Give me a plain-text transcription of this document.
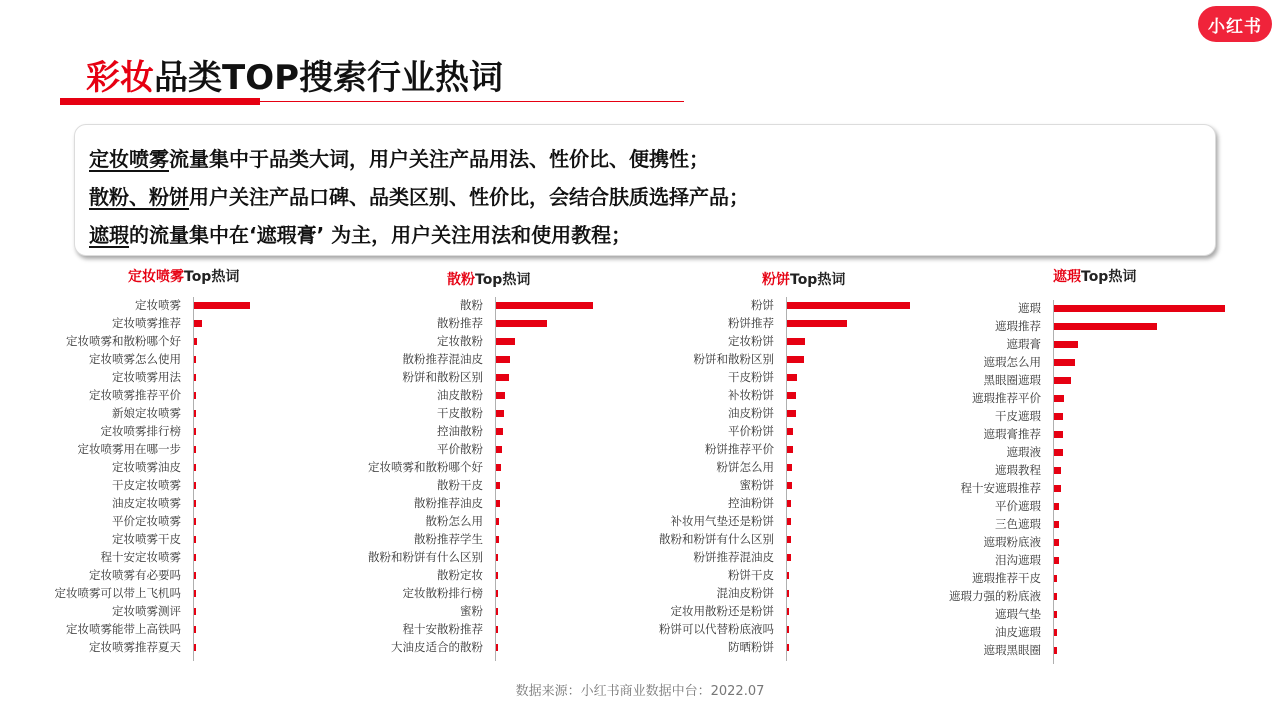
小红书
彩妆品类TOP搜索行业热词

定妆喷雾流量集中于品类大词，用户关注产品用法、性价比、便携性；

散粉、粉饼用户关注产品口碑、品类区别、性价比，会结合肤质选择产品；

遮瑕的流量集中在‘遮瑕膏’ 为主，用户关注用法和使用教程；

定妆喷雾Top热词
定妆喷雾
定妆喷雾推荐
定妆喷雾和散粉哪个好
定妆喷雾怎么使用
定妆喷雾用法
定妆喷雾推荐平价
新娘定妆喷雾
定妆喷雾排行榜
定妆喷雾用在哪一步
定妆喷雾油皮
干皮定妆喷雾
油皮定妆喷雾
平价定妆喷雾
定妆喷雾干皮
程十安定妆喷雾
定妆喷雾有必要吗
定妆喷雾可以带上飞机吗
定妆喷雾测评
定妆喷雾能带上高铁吗
定妆喷雾推荐夏天
散粉Top热词
散粉
散粉推荐
定妆散粉
散粉推荐混油皮
粉饼和散粉区别
油皮散粉
干皮散粉
控油散粉
平价散粉
定妆喷雾和散粉哪个好
散粉干皮
散粉推荐油皮
散粉怎么用
散粉推荐学生
散粉和粉饼有什么区别
散粉定妆
定妆散粉排行榜
蜜粉
程十安散粉推荐
大油皮适合的散粉
粉饼Top热词
粉饼
粉饼推荐
定妆粉饼
粉饼和散粉区别
干皮粉饼
补妆粉饼
油皮粉饼
平价粉饼
粉饼推荐平价
粉饼怎么用
蜜粉饼
控油粉饼
补妆用气垫还是粉饼
散粉和粉饼有什么区别
粉饼推荐混油皮
粉饼干皮
混油皮粉饼
定妆用散粉还是粉饼
粉饼可以代替粉底液吗
防晒粉饼
遮瑕Top热词
遮瑕
遮瑕推荐
遮瑕膏
遮瑕怎么用
黑眼圈遮瑕
遮瑕推荐平价
干皮遮瑕
遮瑕膏推荐
遮瑕液
遮瑕教程
程十安遮瑕推荐
平价遮瑕
三色遮瑕
遮瑕粉底液
泪沟遮瑕
遮瑕推荐干皮
遮瑕力强的粉底液
遮瑕气垫
油皮遮瑕
遮瑕黑眼圈
数据来源：小红书商业数据中台：2022.07
